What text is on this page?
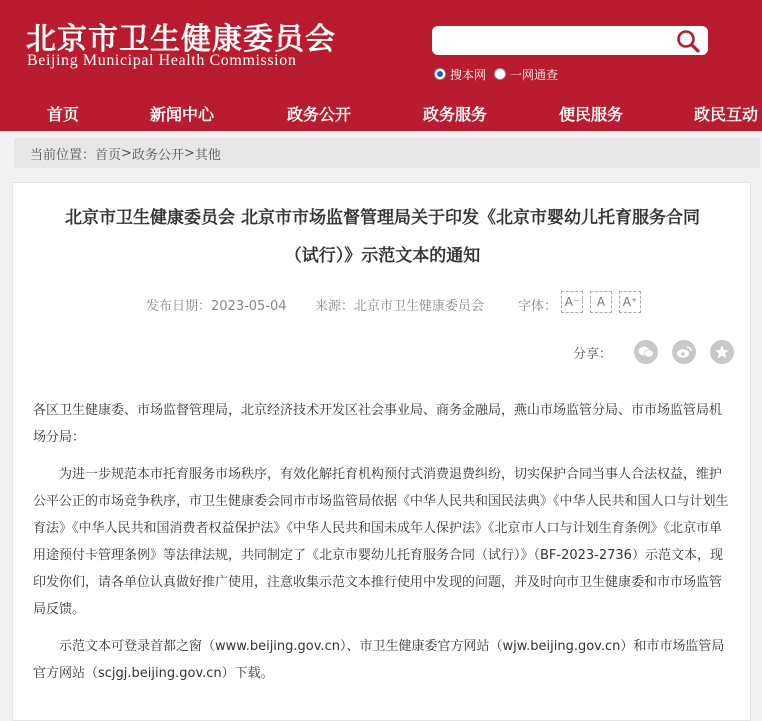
北京市卫生健康委员会
Beijing Municipal Health Commission
搜本网 一网通查
首页	新闻中心	政务公开	政务服务	便民服务	政民互动
当前位置： 首页 > 政务公开 > 其他
北京市卫生健康委员会 北京市市场监督管理局关于印发《北京市婴幼儿托育服务合同
（试行）》示范文本的通知
发布日期：2023-05-04 来源：北京市卫生健康委员会	字体： A⁻	A	A⁺
分享：

各区卫生健康委、市场监督管理局，北京经济技术开发区社会事业局、商务金融局，燕山市场监管分局、市市场监管局机场分局：

为进一步规范本市托育服务市场秩序，有效化解托育机构预付式消费退费纠纷，切实保护合同当事人合法权益，维护公平公正的市场竞争秩序，市卫生健康委会同市市场监管局依据《中华人民共和国民法典》《中华人民共和国人口与计划生育法》《中华人民共和国消费者权益保护法》《中华人民共和国未成年人保护法》《北京市人口与计划生育条例》《北京市单用途预付卡管理条例》等法律法规，共同制定了《北京市婴幼儿托育服务合同（试行）》（BF-2023-2736）示范文本，现印发你们，请各单位认真做好推广使用，注意收集示范文本推行使用中发现的问题，并及时向市卫生健康委和市市场监管局反馈。

示范文本可登录首都之窗（www.beijing.gov.cn）、市卫生健康委官方网站（wjw.beijing.gov.cn）和市市场监管局官方网站（scjgj.beijing.gov.cn）下载。
